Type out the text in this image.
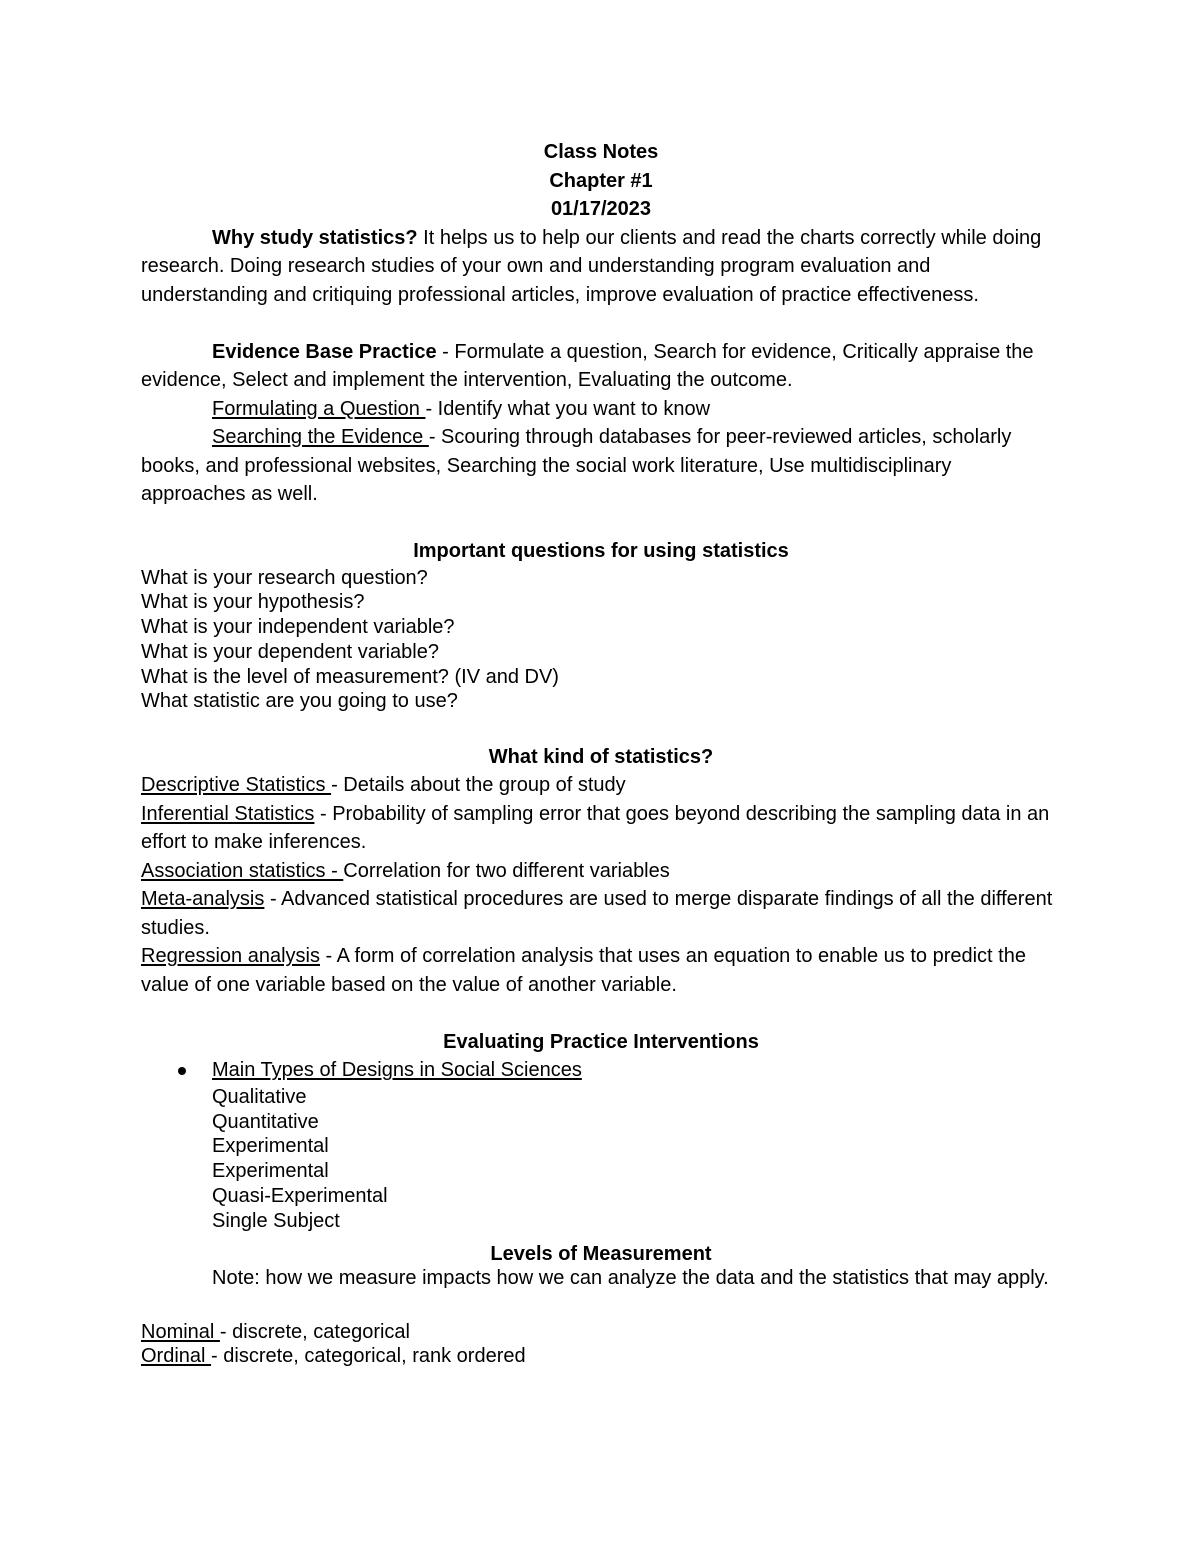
Class Notes
Chapter #1
01/17/2023

Why study statistics? It helps us to help our clients and read the charts correctly while doing research. Doing research studies of your own and understanding program evaluation and understanding and critiquing professional articles, improve evaluation of practice effectiveness.

Evidence Base Practice - Formulate a question, Search for evidence, Critically appraise the evidence, Select and implement the intervention, Evaluating the outcome.

Formulating a Question - Identify what you want to know

Searching the Evidence - Scouring through databases for peer-reviewed articles, scholarly books, and professional websites, Searching the social work literature, Use multidisciplinary approaches as well.

Important questions for using statistics
What is your research question?
What is your hypothesis?
What is your independent variable?
What is your dependent variable?
What is the level of measurement? (IV and DV)
What statistic are you going to use?
What kind of statistics?

Descriptive Statistics - Details about the group of study

Inferential Statistics - Probability of sampling error that goes beyond describing the sampling data in an effort to make inferences.

Association statistics - Correlation for two different variables

Meta-analysis - Advanced statistical procedures are used to merge disparate findings of all the different studies.

Regression analysis - A form of correlation analysis that uses an equation to enable us to predict the value of one variable based on the value of another variable.

Evaluating Practice Interventions
Main Types of Designs in Social Sciences
Qualitative
Quantitative
Experimental
Experimental
Quasi-Experimental
Single Subject
Levels of Measurement

Note: how we measure impacts how we can analyze the data and the statistics that may apply.

Nominal - discrete, categorical
Ordinal - discrete, categorical, rank ordered
